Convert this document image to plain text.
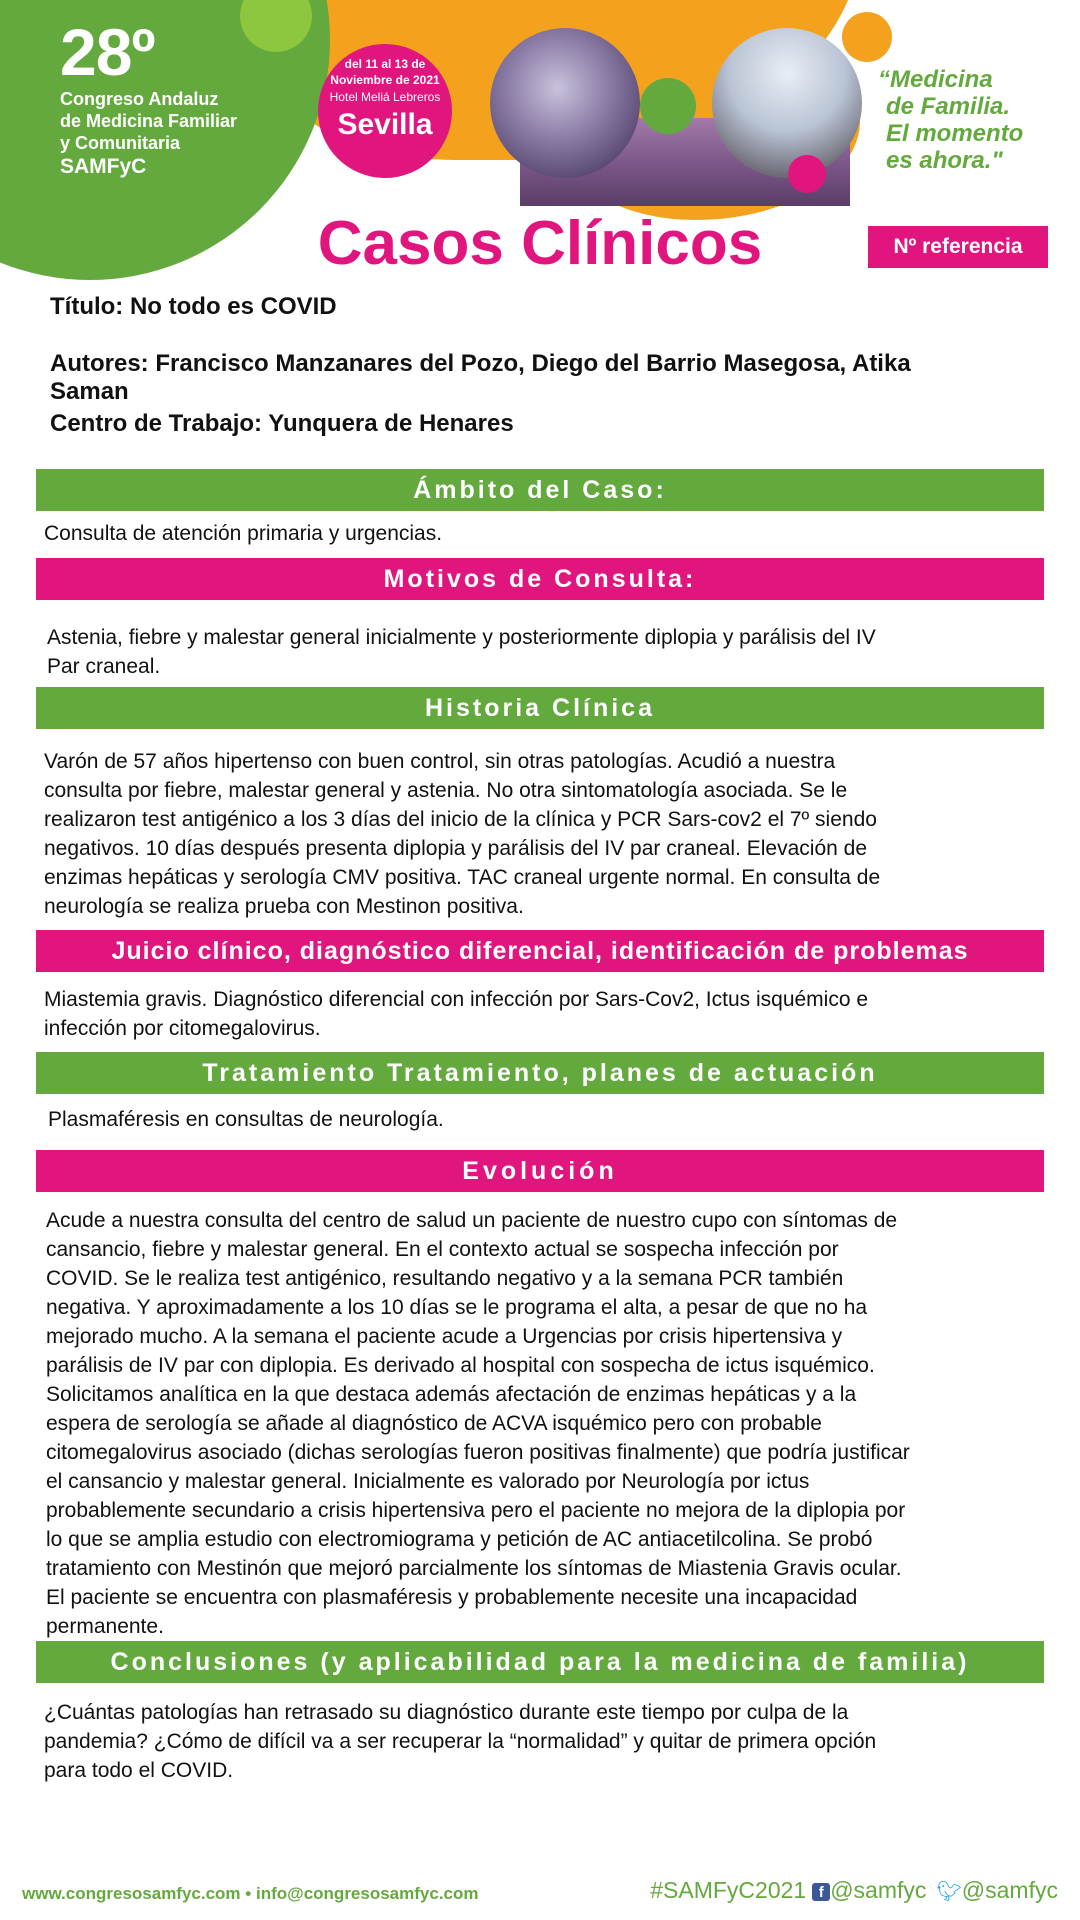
28º
Congreso Andaluz
de Medicina Familiar
y Comunitaria
SAMFyC
del 11 al 13 de
Noviembre de 2021
Hotel Meliá Lebreros
Sevilla
“Medicina
de Familia.
El momento
es ahora."
Casos Clínicos	Nº referencia
Título: No todo es COVID
Autores: Francisco Manzanares del Pozo, Diego del Barrio Masegosa, Atika
Saman
Centro de Trabajo: Yunquera de Henares
Ámbito del Caso:
Consulta de atención primaria y urgencias.
Motivos de Consulta:
Astenia, fiebre y malestar general inicialmente y posteriormente diplopia y parálisis del IV
Par craneal.
Historia Clínica
Varón de 57 años hipertenso con buen control, sin otras patologías. Acudió a nuestra
consulta por fiebre, malestar general y astenia. No otra sintomatología asociada. Se le
realizaron test antigénico a los 3 días del inicio de la clínica y PCR Sars-cov2 el 7º siendo
negativos. 10 días después presenta diplopia y parálisis del IV par craneal. Elevación de
enzimas hepáticas y serología CMV positiva. TAC craneal urgente normal. En consulta de
neurología se realiza prueba con Mestinon positiva.
Juicio clínico, diagnóstico diferencial, identificación de problemas
Miastemia gravis. Diagnóstico diferencial con infección por Sars-Cov2, Ictus isquémico e
infección por citomegalovirus.
Tratamiento Tratamiento, planes de actuación
Plasmaféresis en consultas de neurología.
Evolución
Acude a nuestra consulta del centro de salud un paciente de nuestro cupo con síntomas de
cansancio, fiebre y malestar general. En el contexto actual se sospecha infección por
COVID. Se le realiza test antigénico, resultando negativo y a la semana PCR también
negativa. Y aproximadamente a los 10 días se le programa el alta, a pesar de que no ha
mejorado mucho. A la semana el paciente acude a Urgencias por crisis hipertensiva y
parálisis de IV par con diplopia. Es derivado al hospital con sospecha de ictus isquémico.
Solicitamos analítica en la que destaca además afectación de enzimas hepáticas y a la
espera de serología se añade al diagnóstico de ACVA isquémico pero con probable
citomegalovirus asociado (dichas serologías fueron positivas finalmente) que podría justificar
el cansancio y malestar general. Inicialmente es valorado por Neurología por ictus
probablemente secundario a crisis hipertensiva pero el paciente no mejora de la diplopia por
lo que se amplia estudio con electromiograma y petición de AC antiacetilcolina. Se probó
tratamiento con Mestinón que mejoró parcialmente los síntomas de Miastenia Gravis ocular.
El paciente se encuentra con plasmaféresis y probablemente necesite una incapacidad
permanente.
Conclusiones (y aplicabilidad para la medicina de familia)
¿Cuántas patologías han retrasado su diagnóstico durante este tiempo por culpa de la
pandemia? ¿Cómo de difícil va a ser recuperar la “normalidad” y quitar de primera opción
para todo el COVID.
www.congresosamfyc.com • info@congresosamfyc.com	#SAMFyC2021 f @samfyc 🐦︎@samfyc
